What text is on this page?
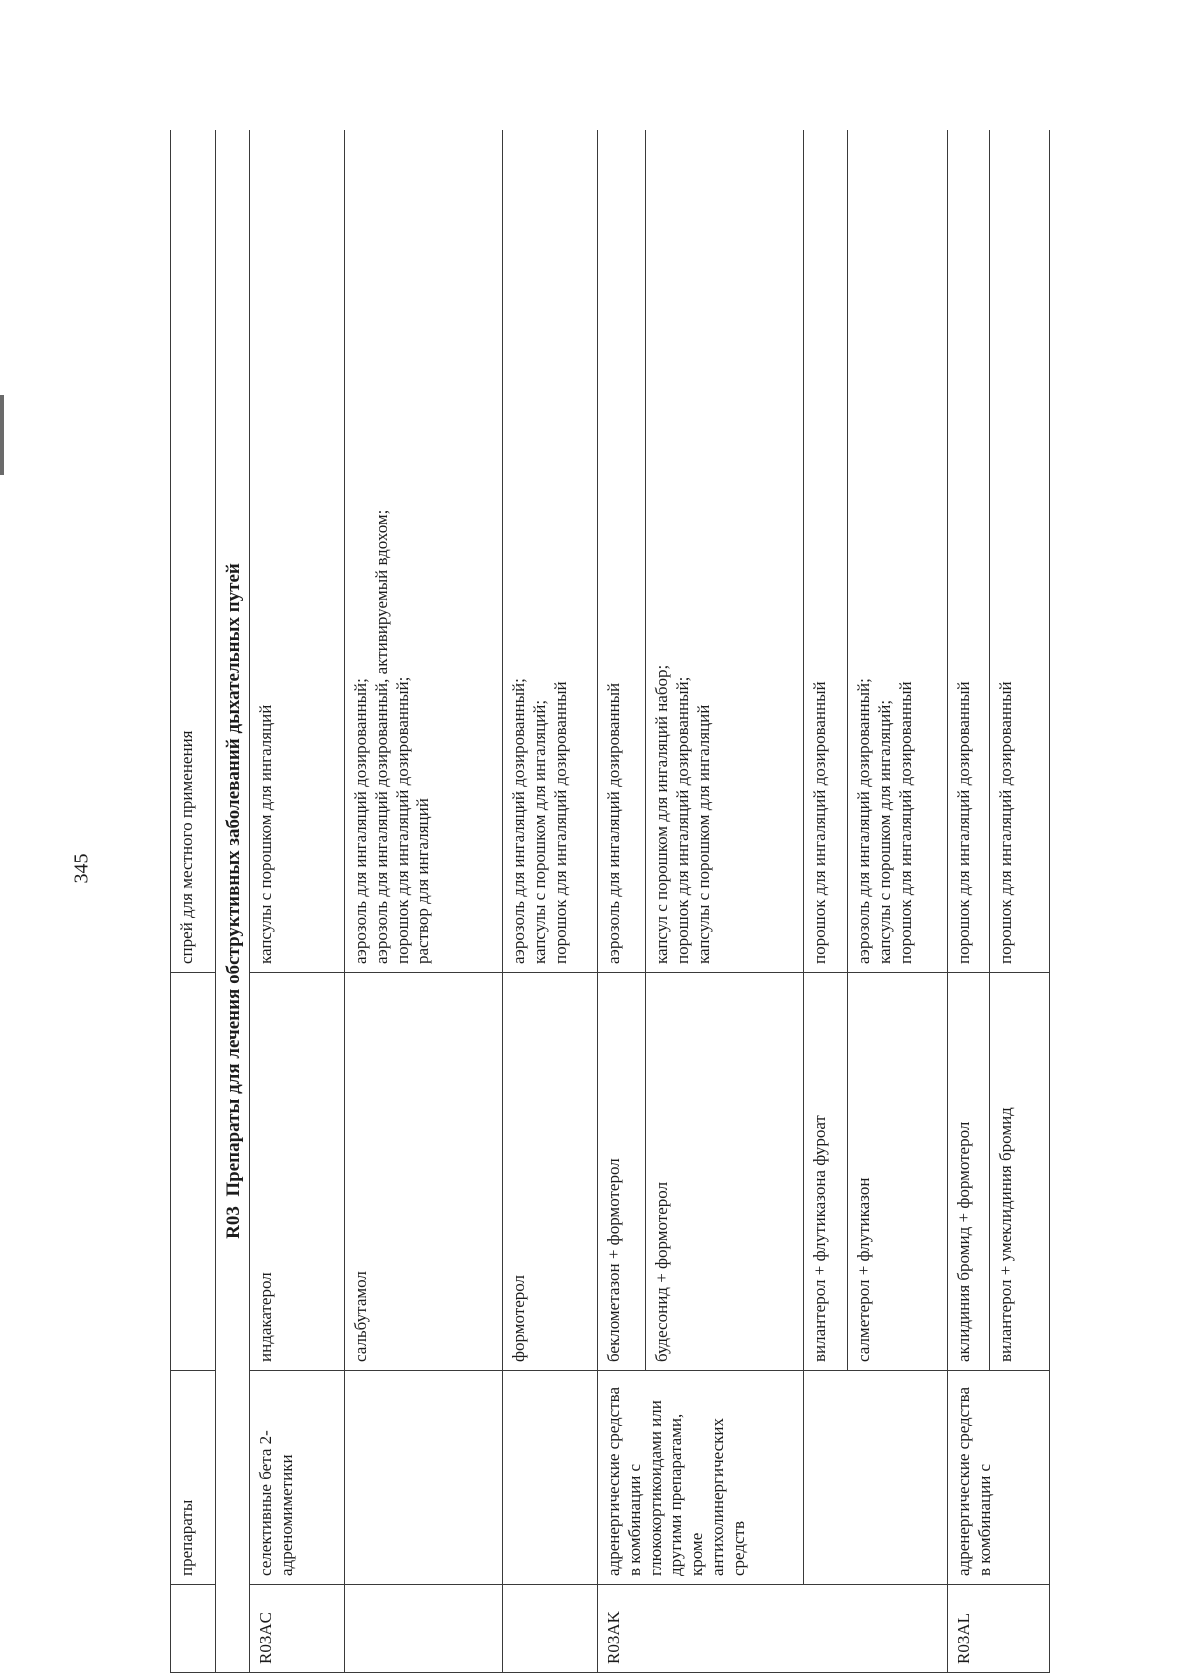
345
	препараты		спрей для местного применения
R03  Препараты для лечения обструктивных заболеваний дыхательных путей			
R03AC	селективные бета 2-адреномиметики	индакатерол	капсулы с порошком для ингаляций

		сальбутамол	аэрозоль для ингаляций дозированный; аэрозоль для ингаляций дозированный, активируемый вдохом; порошок для ингаляций дозированный; раствор для ингаляций

		формотерол	аэрозоль для ингаляций дозированный; капсулы с порошком для ингаляций; порошок для ингаляций дозированный

R03AK	адренергические средства в комбинации с глюкокортикоидами или другими препаратами, кроме антихолинергических средств	беклометазон + формотерол	аэрозоль для ингаляций дозированный

		будесонид + формотерол	капсул с порошком для ингаляций набор; порошок для ингаляций дозированный; капсулы с порошком для ингаляций

		вилантерол + флутиказона фуроат	порошок для ингаляций дозированный

		салметерол + флутиказон	аэрозоль для ингаляций дозированный; капсулы с порошком для ингаляций; порошок для ингаляций дозированный

R03AL	адренергические средства в комбинации с	аклидиния бромид + формотерол	порошок для ингаляций дозированный

		вилантерол + умеклидиния бромид	порошок для ингаляций дозированный
